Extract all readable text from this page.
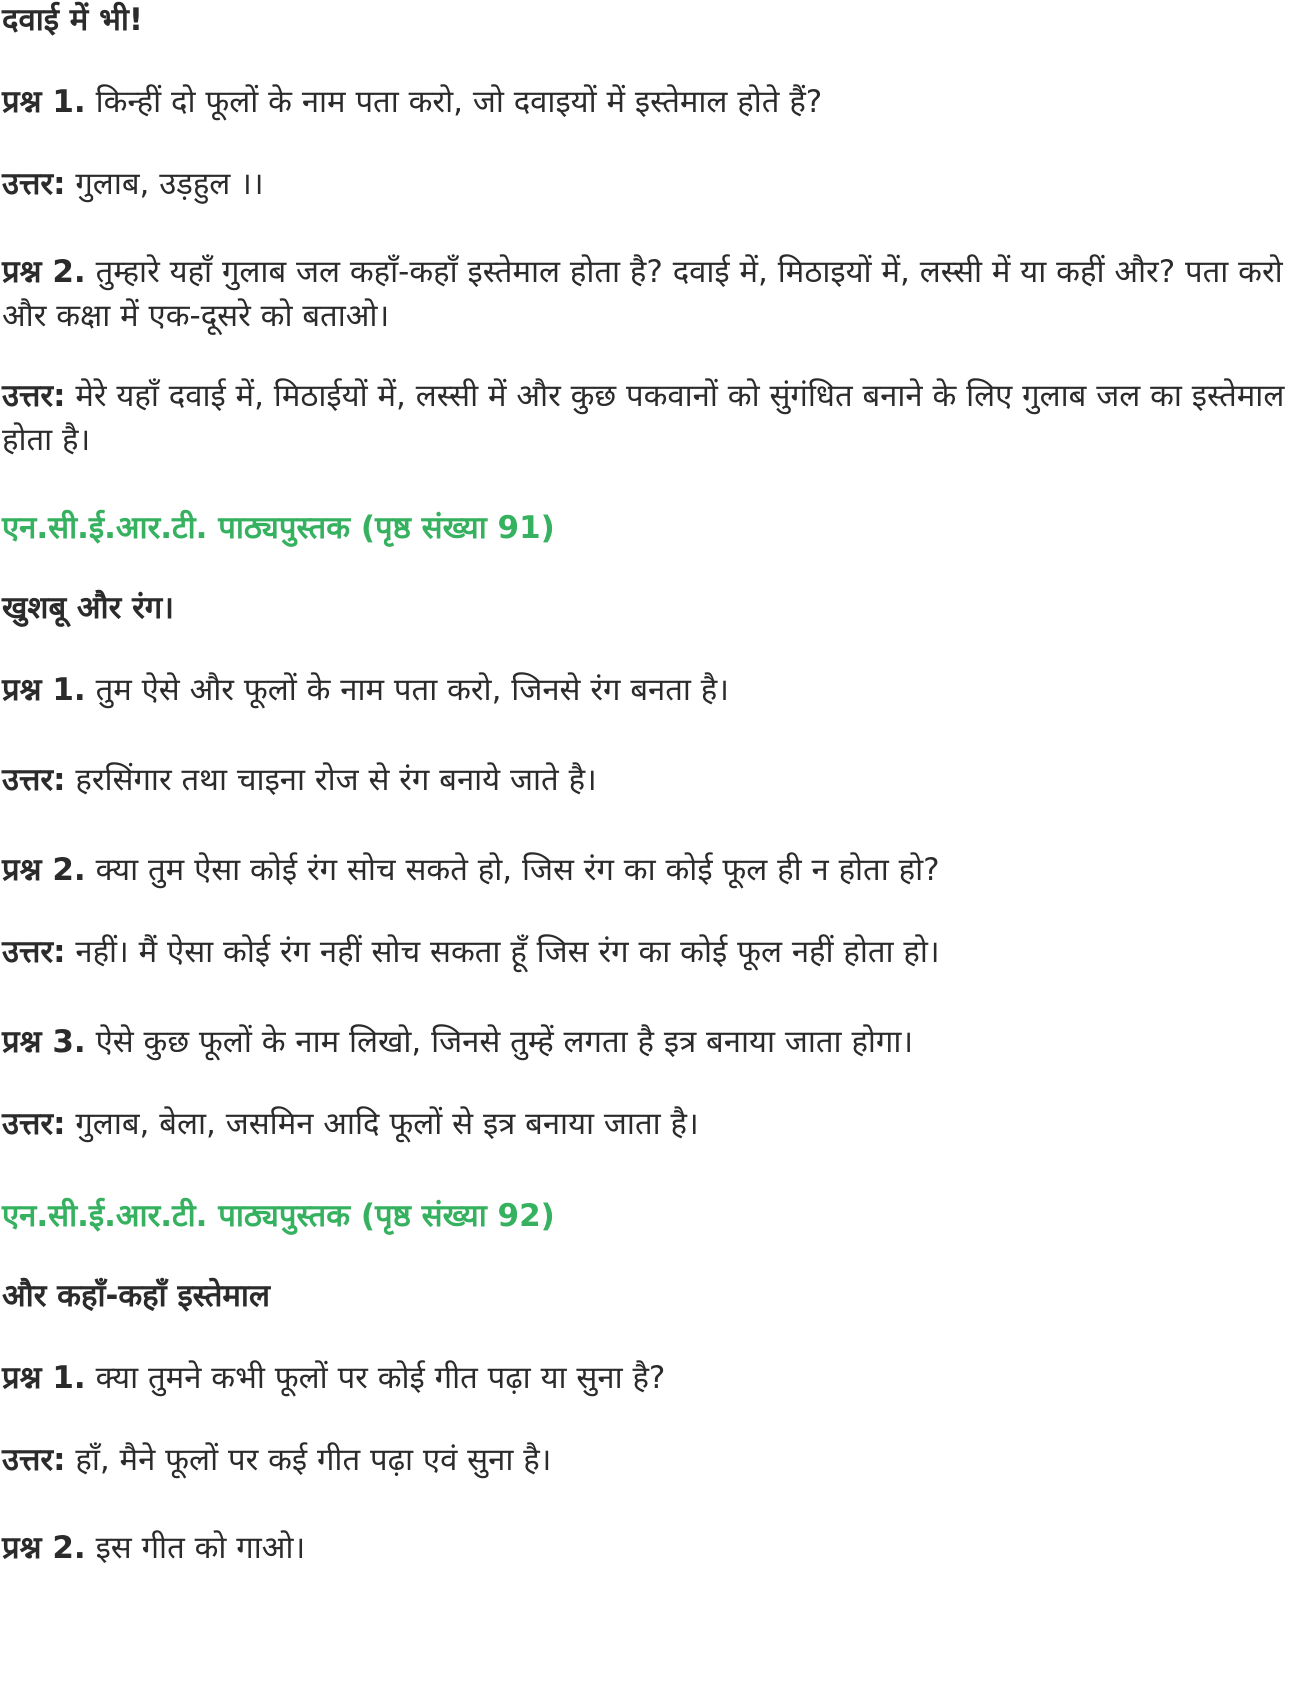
दवाई में भी!
प्रश्न 1. किन्हीं दो फूलों के नाम पता करो, जो दवाइयों में इस्तेमाल होते हैं?
उत्तर: गुलाब, उड़हुल ।।
प्रश्न 2. तुम्हारे यहाँ गुलाब जल कहाँ-कहाँ इस्तेमाल होता है? दवाई में, मिठाइयों में, लस्सी में या कहीं और? पता करो और कक्षा में एक-दूसरे को बताओ।
उत्तर: मेरे यहाँ दवाई में, मिठाईयों में, लस्सी में और कुछ पकवानों को सुंगंधित बनाने के लिए गुलाब जल का इस्तेमाल होता है।
एन.सी.ई.आर.टी. पाठ्यपुस्तक (पृष्ठ संख्या 91)
खुशबू और रंग।
प्रश्न 1. तुम ऐसे और फूलों के नाम पता करो, जिनसे रंग बनता है।
उत्तर: हरसिंगार तथा चाइना रोज से रंग बनाये जाते है।
प्रश्न 2. क्या तुम ऐसा कोई रंग सोच सकते हो, जिस रंग का कोई फूल ही न होता हो?
उत्तर: नहीं। मैं ऐसा कोई रंग नहीं सोच सकता हूँ जिस रंग का कोई फूल नहीं होता हो।
प्रश्न 3. ऐसे कुछ फूलों के नाम लिखो, जिनसे तुम्हें लगता है इत्र बनाया जाता होगा।
उत्तर: गुलाब, बेला, जसमिन आदि फूलों से इत्र बनाया जाता है।
एन.सी.ई.आर.टी. पाठ्यपुस्तक (पृष्ठ संख्या 92)
और कहाँ-कहाँ इस्तेमाल
प्रश्न 1. क्या तुमने कभी फूलों पर कोई गीत पढ़ा या सुना है?
उत्तर: हाँ, मैने फूलों पर कई गीत पढ़ा एवं सुना है।
प्रश्न 2. इस गीत को गाओ।
